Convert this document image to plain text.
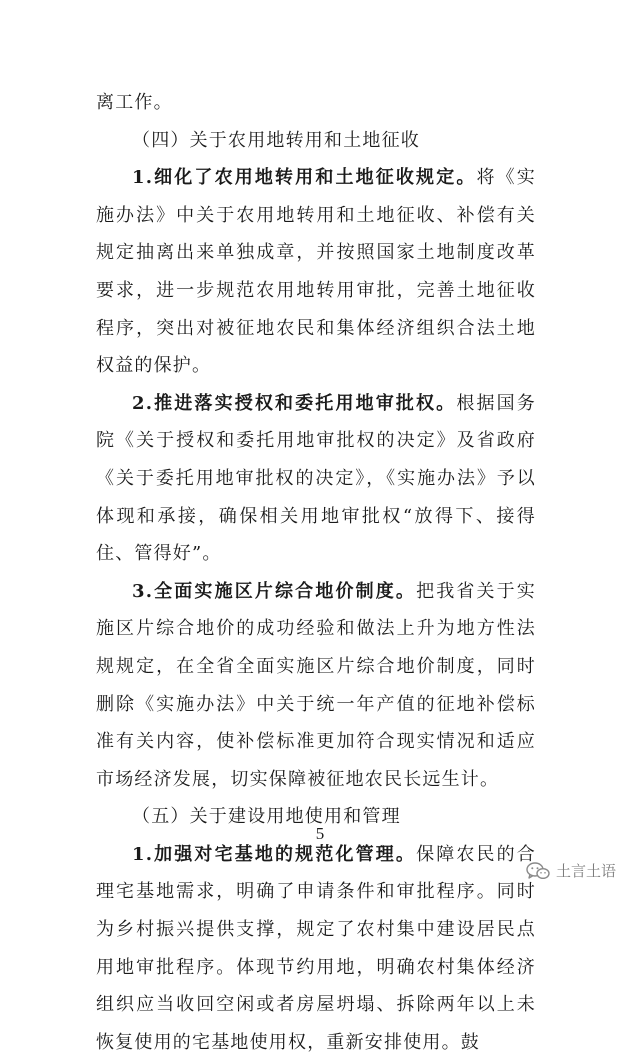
离工作。

（四）关于农用地转用和土地征收

1.细化了农用地转用和土地征收规定。将《实施办法》中关于农用地转用和土地征收、补偿有关规定抽离出来单独成章，并按照国家土地制度改革要求，进一步规范农用地转用审批，完善土地征收程序，突出对被征地农民和集体经济组织合法土地权益的保护。

2.推进落实授权和委托用地审批权。根据国务院《关于授权和委托用地审批权的决定》及省政府《关于委托用地审批权的决定》，《实施办法》予以体现和承接，确保相关用地审批权“放得下、接得住、管得好”。

3.全面实施区片综合地价制度。把我省关于实施区片综合地价的成功经验和做法上升为地方性法规规定，在全省全面实施区片综合地价制度，同时删除《实施办法》中关于统一年产值的征地补偿标准有关内容，使补偿标准更加符合现实情况和适应市场经济发展，切实保障被征地农民长远生计。

（五）关于建设用地使用和管理

1.加强对宅基地的规范化管理。保障农民的合理宅基地需求，明确了申请条件和审批程序。同时为乡村振兴提供支撑，规定了农村集中建设居民点用地审批程序。体现节约用地，明确农村集体经济组织应当收回空闲或者房屋坍塌、拆除两年以上未恢复使用的宅基地使用权，重新安排使用。鼓

5
土言土语
